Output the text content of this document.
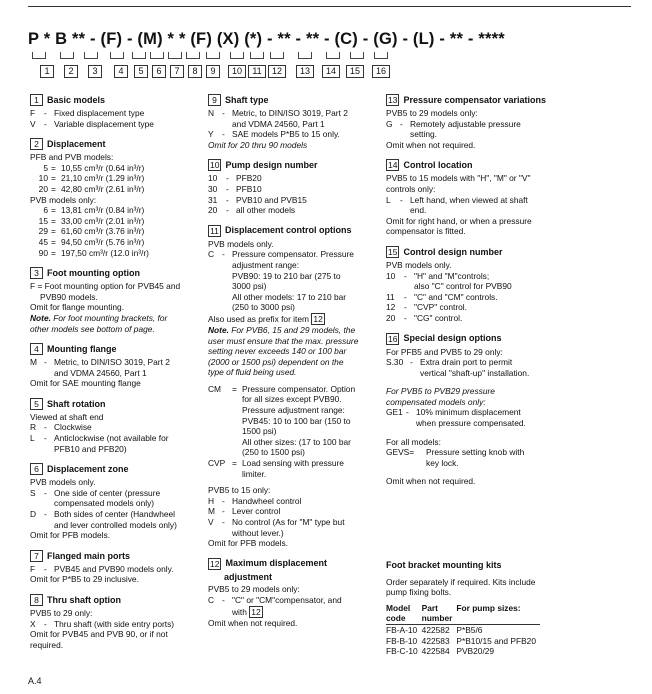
P * B ** - (F) - (M) * * (F) (X) (*) - ** - ** - (C) - (G) - (L) - ** - ****
1	2	3	4	5	6	7	8	9	10	11	12	13	14	15	16
1 Basic models
F	- Fixed displacement type
V	- Variable displacement type
2 Displacement
PFB and PVB models:
5 = 10,55 cm³/r (0.64 in³/r)
10 = 21,10 cm³/r (1.29 in³/r)
20 = 42,80 cm³/r (2.61 in³/r)
PVB models only:
6 = 13,81 cm³/r (0.84 in³/r)
15 = 33,00 cm³/r (2.01 in³/r)
29 = 61,60 cm³/r (3.76 in³/r)
45 = 94,50 cm³/r (5.76 in³/r)
90 = 197,50 cm³/r (12.0 in³/r)
3 Foot mounting option
F = Foot mounting option for PVB45 and
PVB90 models.
Omit for flange mounting.
Note. For foot mounting brackets, for
other models see bottom of page.
4 Mounting flange
M - Metric, to DIN/ISO 3019, Part 2
and VDMA 24560, Part 1
Omit for SAE mounting flange
5 Shaft rotation
Viewed at shaft end
R - Clockwise
L	- Anticlockwise (not available for
PFB10 and PFB20)
6 Displacement zone
PVB models only.
S	- One side of center (pressure
compensated models only)
D - Both sides of center (Handwheel
and lever controlled models only)
Omit for PFB models.
7 Flanged main ports
F	- PVB45 and PVB90 models only.
Omit for P*B5 to 29 inclusive.
8 Thru shaft option
PVB5 to 29 only:
X	- Thru shaft (with side entry ports)
Omit for PVB45 and PVB 90, or if not
required.
9 Shaft type
N - Metric, to DIN/ISO 3019, Part 2
and VDMA 24560, Part 1
Y	- SAE models P*B5 to 15 only.
Omit for 20 thru 90 models
10 Pump design number
10	- PFB20
30	- PFB10
31	- PVB10 and PVB15
20	- all other models
11 Displacement control options
PVB models only.
C - Pressure compensator. Pressure
adjustment range:
PVB90: 19 to 210 bar (275 to
3000 psi)
All other models: 17 to 210 bar
(250 to 3000 psi)
Also used as prefix for item 12
Note. For PVB6, 15 and 29 models, the
user must ensure that the max. pressure
setting never exceeds 140 or 100 bar
(2000 or 1500 psi) dependent on the
type of fluid being used.
CM	= Pressure compensator. Option
for all sizes except PVB90.
Pressure adjustment range:
PVB45: 10 to 100 bar (150 to
1500 psi)
All other sizes: (17 to 100 bar
(250 to 1500 psi)
CVP = Load sensing with pressure
limiter.
PVB5 to 15 only:
H - Handwheel control
M - Lever control
V	- No control (As for "M" type but
without lever.)
Omit for PFB models.
12 Maximum displacement
adjustment
PVB5 to 29 models only:
C - "C" or "CM"compensator, and
with 12
Omit when not required.
13 Pressure compensator variations
PVB5 to 29 models only:
G - Remotely adjustable pressure
setting.
Omit when not required.
14 Control location
PVB5 to 15 models with "H", "M" or "V"
controls only:
L	- Left hand, when viewed at shaft
end.
Omit for right hand, or when a pressure
compensator is fitted.
15 Control design number
PVB models only.
10	- "H" and "M"controls;
also "C" control for PVB90
11	- "C" and "CM" controls.
12	- "CVP" control.
20	- "CG" control.
16 Special design options
For PFB5 and PVB5 to 29 only:
S.30 - Extra drain port to permit
vertical "shaft-up" installation.
For PVB5 to PVB29 pressure
compensated models only:
GE1 - 10% minimum displacement
when pressure compensated.
For all models:
GEVS= Pressure setting knob with
key lock.
Omit when not required.
Foot bracket mounting kits
Order separately if required. Kits include
pump fixing bolts.
Model	Part	For pump sizes:
code	number	
FB-A-10	422582	P*B5/6
FB-B-10	422583	P*B10/15 and PFB20
FB-C-10	422584	PVB20/29
A.4
